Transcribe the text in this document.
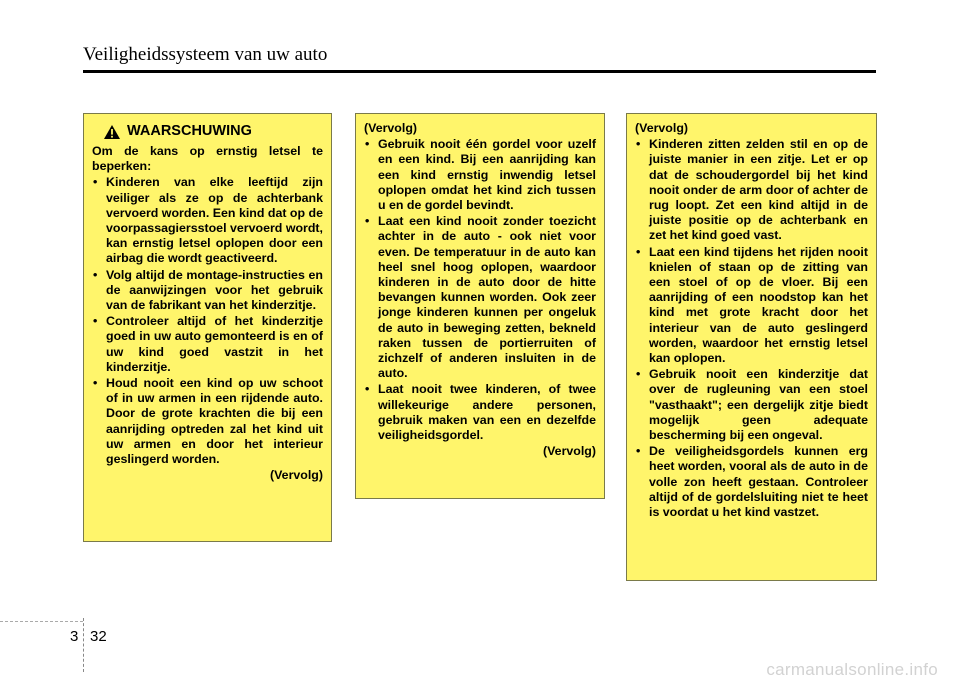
Veiligheidssysteem van uw auto
WAARSCHUWING
Om de kans op ernstig letsel te beperken:
• Kinderen van elke leeftijd zijn veiliger als ze op de achterbank vervoerd worden. Een kind dat op de voorpassagiersstoel vervoerd wordt, kan ernstig letsel oplopen door een airbag die wordt geactiveerd.
• Volg altijd de montage-instructies en de aanwijzingen voor het gebruik van de fabrikant van het kinderzitje.
• Controleer altijd of het kinderzitje goed in uw auto gemonteerd is en of uw kind goed vastzit in het kinderzitje.
• Houd nooit een kind op uw schoot of in uw armen in een rijdende auto. Door de grote krachten die bij een aanrijding optreden zal het kind uit uw armen en door het interieur geslingerd worden.
(Vervolg)
(Vervolg)
• Gebruik nooit één gordel voor uzelf en een kind. Bij een aanrijding kan een kind ernstig inwendig letsel oplopen omdat het kind zich tussen u en de gordel bevindt.
• Laat een kind nooit zonder toezicht achter in de auto - ook niet voor even. De temperatuur in de auto kan heel snel hoog oplopen, waardoor kinderen in de auto door de hitte bevangen kunnen worden. Ook zeer jonge kinderen kunnen per ongeluk de auto in beweging zetten, bekneld raken tussen de portierruiten of zichzelf of anderen insluiten in de auto.
• Laat nooit twee kinderen, of twee willekeurige andere personen, gebruik maken van een en dezelfde veiligheidsgordel.
(Vervolg)
(Vervolg)
• Kinderen zitten zelden stil en op de juiste manier in een zitje. Let er op dat de schoudergordel bij het kind nooit onder de arm door of achter de rug loopt. Zet een kind altijd in de juiste positie op de achterbank en zet het kind goed vast.
• Laat een kind tijdens het rijden nooit knielen of staan op de zitting van een stoel of op de vloer. Bij een aanrijding of een noodstop kan het kind met grote kracht door het interieur van de auto geslingerd worden, waardoor het ernstig letsel kan oplopen.
• Gebruik nooit een kinderzitje dat over de rugleuning van een stoel "vasthaakt"; een dergelijk zitje biedt mogelijk geen adequate bescherming bij een ongeval.
• De veiligheidsgordels kunnen erg heet worden, vooral als de auto in de volle zon heeft gestaan. Controleer altijd of de gordelsluiting niet te heet is voordat u het kind vastzet.
3 32
carmanualsonline.info
